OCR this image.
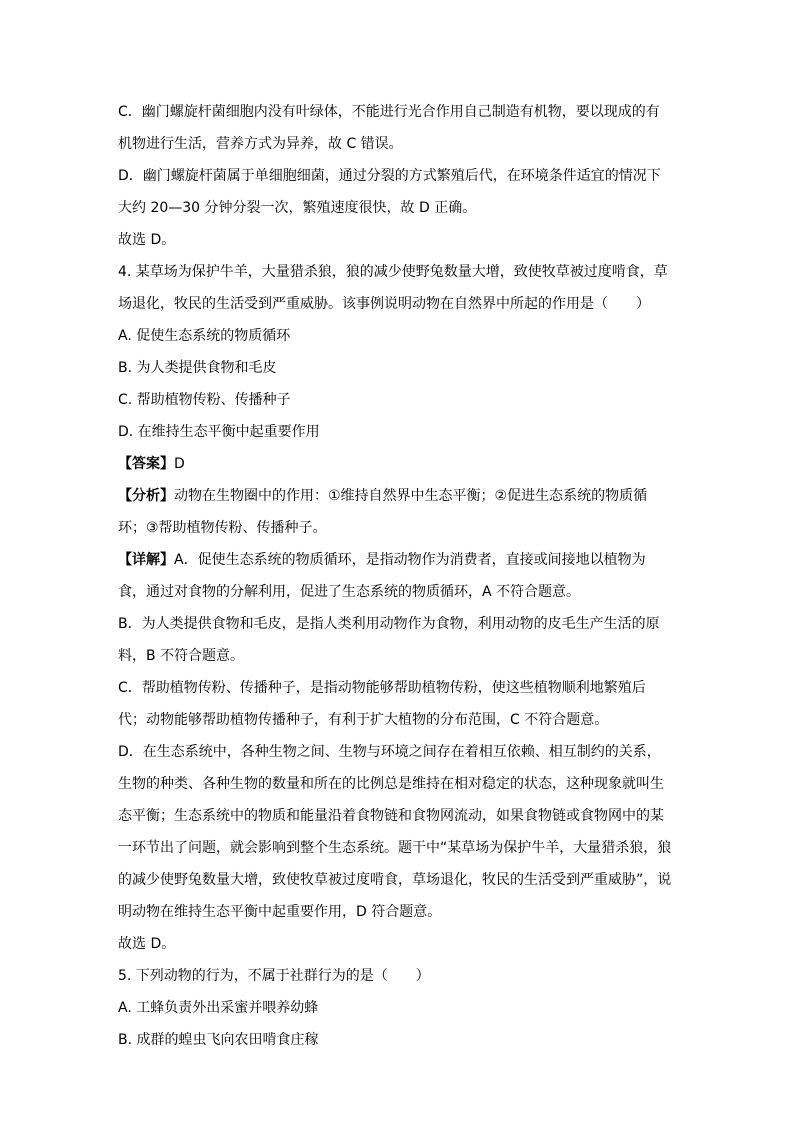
C．幽门螺旋杆菌细胞内没有叶绿体，不能进行光合作用自己制造有机物，要以现成的有
机物进行生活，营养方式为异养，故 C 错误。
D．幽门螺旋杆菌属于单细胞细菌，通过分裂的方式繁殖后代，在环境条件适宜的情况下
大约 20—30 分钟分裂一次，繁殖速度很快，故 D 正确。
故选 D。
4. 某草场为保护牛羊，大量猎杀狼，狼的减少使野兔数量大增，致使牧草被过度啃食，草
场退化，牧民的生活受到严重威胁。该事例说明动物在自然界中所起的作用是（　　）
A. 促使生态系统的物质循环
B. 为人类提供食物和毛皮
C. 帮助植物传粉、传播种子
D. 在维持生态平衡中起重要作用
【答案】D
【分析】动物在生物圈中的作用：①维持自然界中生态平衡；②促进生态系统的物质循
环；③帮助植物传粉、传播种子。
【详解】A．促使生态系统的物质循环，是指动物作为消费者，直接或间接地以植物为
食，通过对食物的分解利用，促进了生态系统的物质循环，A 不符合题意。
B．为人类提供食物和毛皮，是指人类利用动物作为食物，利用动物的皮毛生产生活的原
料，B 不符合题意。
C．帮助植物传粉、传播种子，是指动物能够帮助植物传粉，使这些植物顺利地繁殖后
代；动物能够帮助植物传播种子，有利于扩大植物的分布范围，C 不符合题意。
D．在生态系统中，各种生物之间、生物与环境之间存在着相互依赖、相互制约的关系，
生物的种类、各种生物的数量和所在的比例总是维持在相对稳定的状态，这种现象就叫生
态平衡；生态系统中的物质和能量沿着食物链和食物网流动，如果食物链或食物网中的某
一环节出了问题，就会影响到整个生态系统。题干中“某草场为保护牛羊，大量猎杀狼，狼
的减少使野兔数量大增，致使牧草被过度啃食，草场退化，牧民的生活受到严重威胁”，说
明动物在维持生态平衡中起重要作用，D 符合题意。
故选 D。
5. 下列动物的行为，不属于社群行为的是（　　）
A. 工蜂负责外出采蜜并喂养幼蜂
B. 成群的蝗虫飞向农田啃食庄稼
